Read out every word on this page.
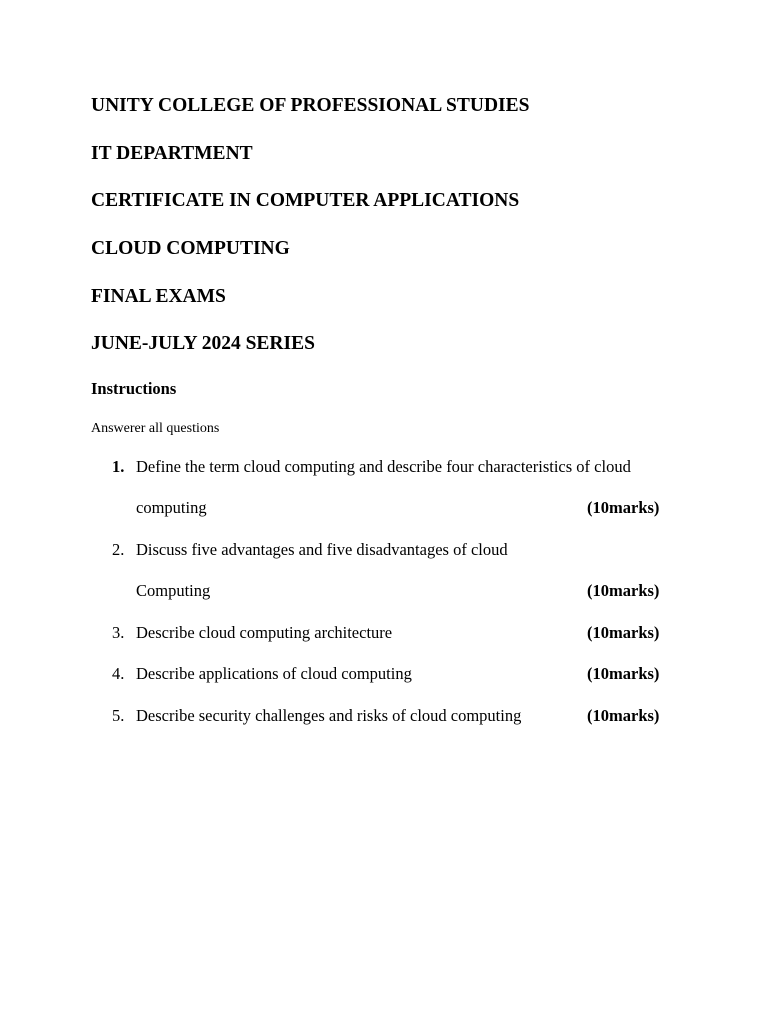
UNITY COLLEGE OF PROFESSIONAL STUDIES
IT DEPARTMENT
CERTIFICATE IN COMPUTER APPLICATIONS
CLOUD COMPUTING
FINAL EXAMS
JUNE-JULY 2024 SERIES

Instructions

Answerer all questions

1. Define the term cloud computing and describe four characteristics of cloud
computing	(10marks)
2. Discuss five advantages and five disadvantages of cloud
Computing	(10marks)
3. Describe cloud computing architecture	(10marks)
4. Describe applications of cloud computing	(10marks)
5. Describe security challenges and risks of cloud computing	(10marks)
